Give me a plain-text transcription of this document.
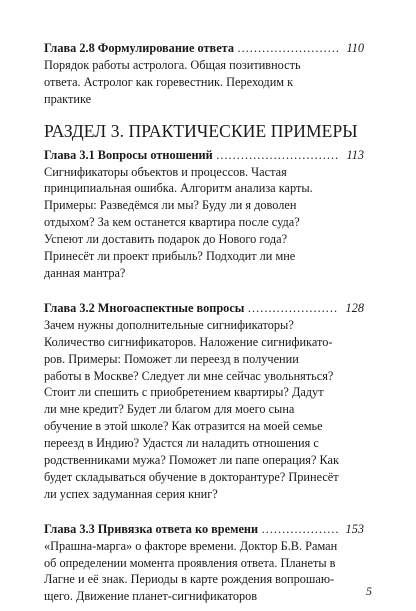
Глава 2.8 Формулирование ответа …………………………………………………………………………	110

Порядок работы астролога. Общая позитивность
ответа. Астролог как горевестник. Переходим к
практике

РАЗДЕЛ 3. ПРАКТИЧЕСКИЕ ПРИМЕРЫ
Глава 3.1 Вопросы отношений …………………………………………………………………………	113

Сигнификаторы объектов и процессов. Частая
принципиальная ошибка. Алгоритм анализа карты.
Примеры: Разведёмся ли мы? Буду ли я доволен
отдыхом? За кем останется квартира после суда?
Успеют ли доставить подарок до Нового года?
Принесёт ли проект прибыль? Подходит ли мне
данная мантра?

Глава 3.2 Многоаспектные вопросы …………………………………………………………………………	128

Зачем нужны дополнительные сигнификаторы?
Количество сигнификаторов. Наложение сигнификато-
ров. Примеры: Поможет ли переезд в получении
работы в Москве? Следует ли мне сейчас увольняться?
Стоит ли спешить с приобретением квартиры? Дадут
ли мне кредит? Будет ли благом для моего сына
обучение в этой школе? Как отразится на моей семье
переезд в Индию? Удастся ли наладить отношения с
родственниками мужа? Поможет ли папе операция? Как
будет складываться обучение в докторантуре? Принесёт
ли успех задуманная серия книг?

Глава 3.3 Привязка ответа ко времени …………………………………………………………………………	153

«Прашна-марга» о факторе времени. Доктор Б.В. Раман
об определении момента проявления ответа. Планеты в
Лагне и её знак. Периоды в карте рождения вопрошаю-
щего. Движение планет-сигнификаторов	5
